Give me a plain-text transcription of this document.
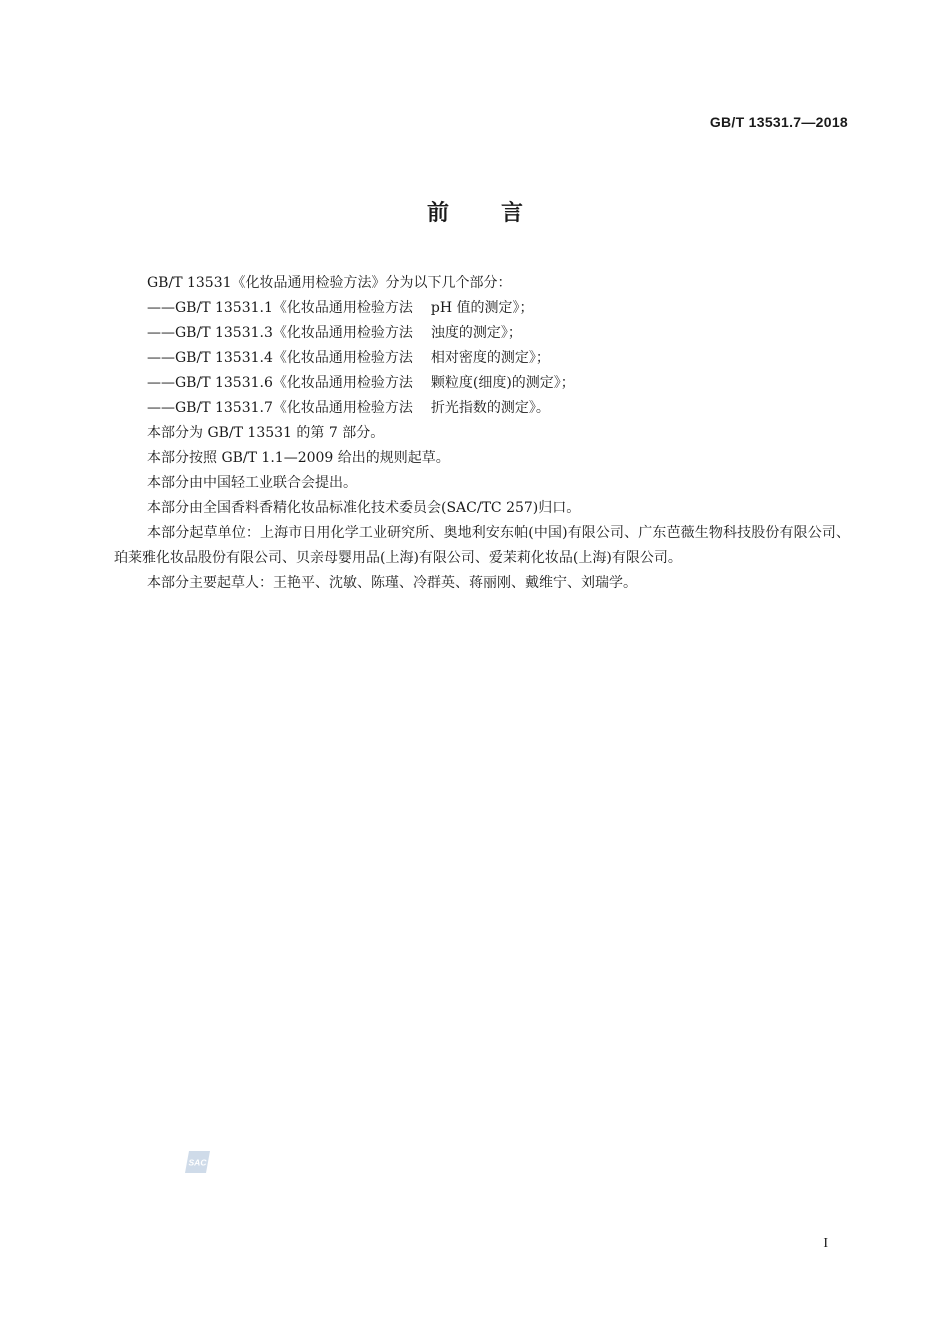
GB/T 13531.7—2018
前 言

GB/T 13531《化妆品通用检验方法》分为以下几个部分：

——GB/T 13531.1《化妆品通用检验方法 pH 值的测定》；

——GB/T 13531.3《化妆品通用检验方法 浊度的测定》；

——GB/T 13531.4《化妆品通用检验方法 相对密度的测定》；

——GB/T 13531.6《化妆品通用检验方法 颗粒度(细度)的测定》；

——GB/T 13531.7《化妆品通用检验方法 折光指数的测定》。

本部分为 GB/T 13531 的第 7 部分。

本部分按照 GB/T 1.1—2009 给出的规则起草。

本部分由中国轻工业联合会提出。

本部分由全国香料香精化妆品标准化技术委员会(SAC/TC 257)归口。

本部分起草单位：上海市日用化学工业研究所、奥地利安东帕(中国)有限公司、广东芭薇生物科技股份有限公司、珀莱雅化妆品股份有限公司、贝亲母婴用品(上海)有限公司、爱茉莉化妆品(上海)有限公司。

本部分主要起草人：王艳平、沈敏、陈瑾、冷群英、蒋丽刚、戴维宁、刘瑞学。

SAC
I
